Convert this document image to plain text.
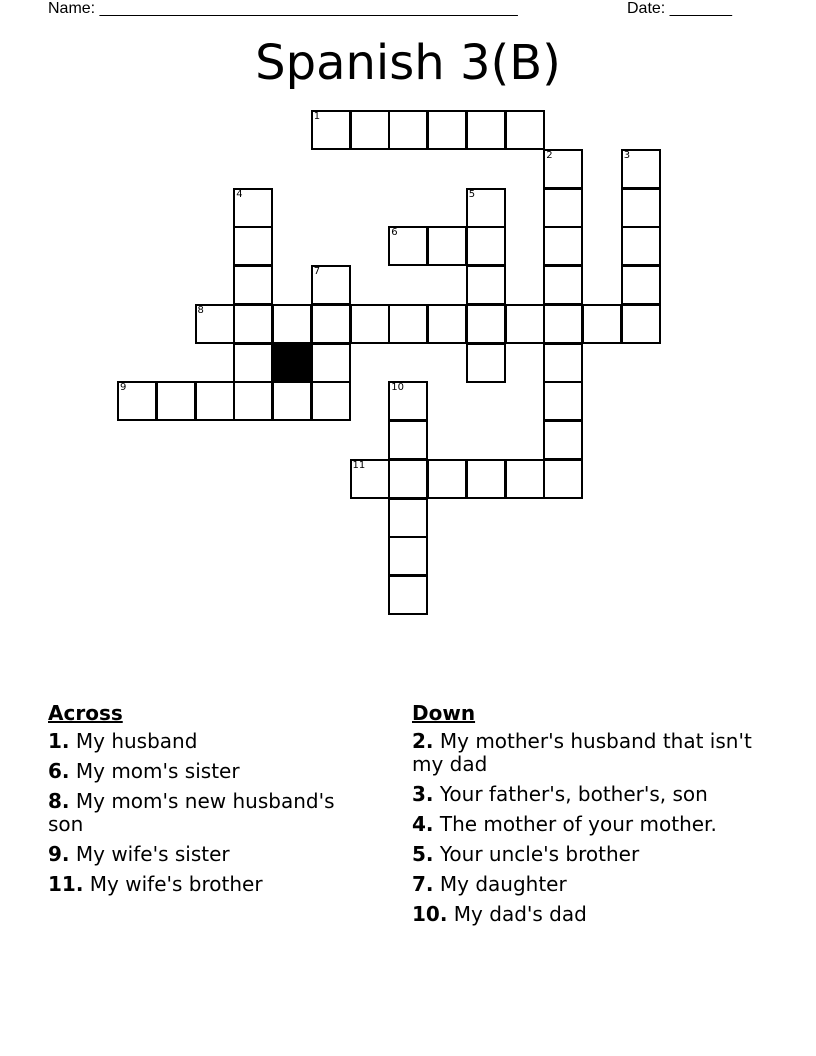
Name: _______________________________________________	Date: _______
Spanish 3(B)
1
2	3
4	5
6
7
8
9	10
11
Across
1. My husband
6. My mom's sister
8. My mom's new husband's son
9. My wife's sister
11. My wife's brother
Down
2. My mother's husband that isn't my dad
3. Your father's, bother's, son
4. The mother of your mother.
5. Your uncle's brother
7. My daughter
10. My dad's dad
